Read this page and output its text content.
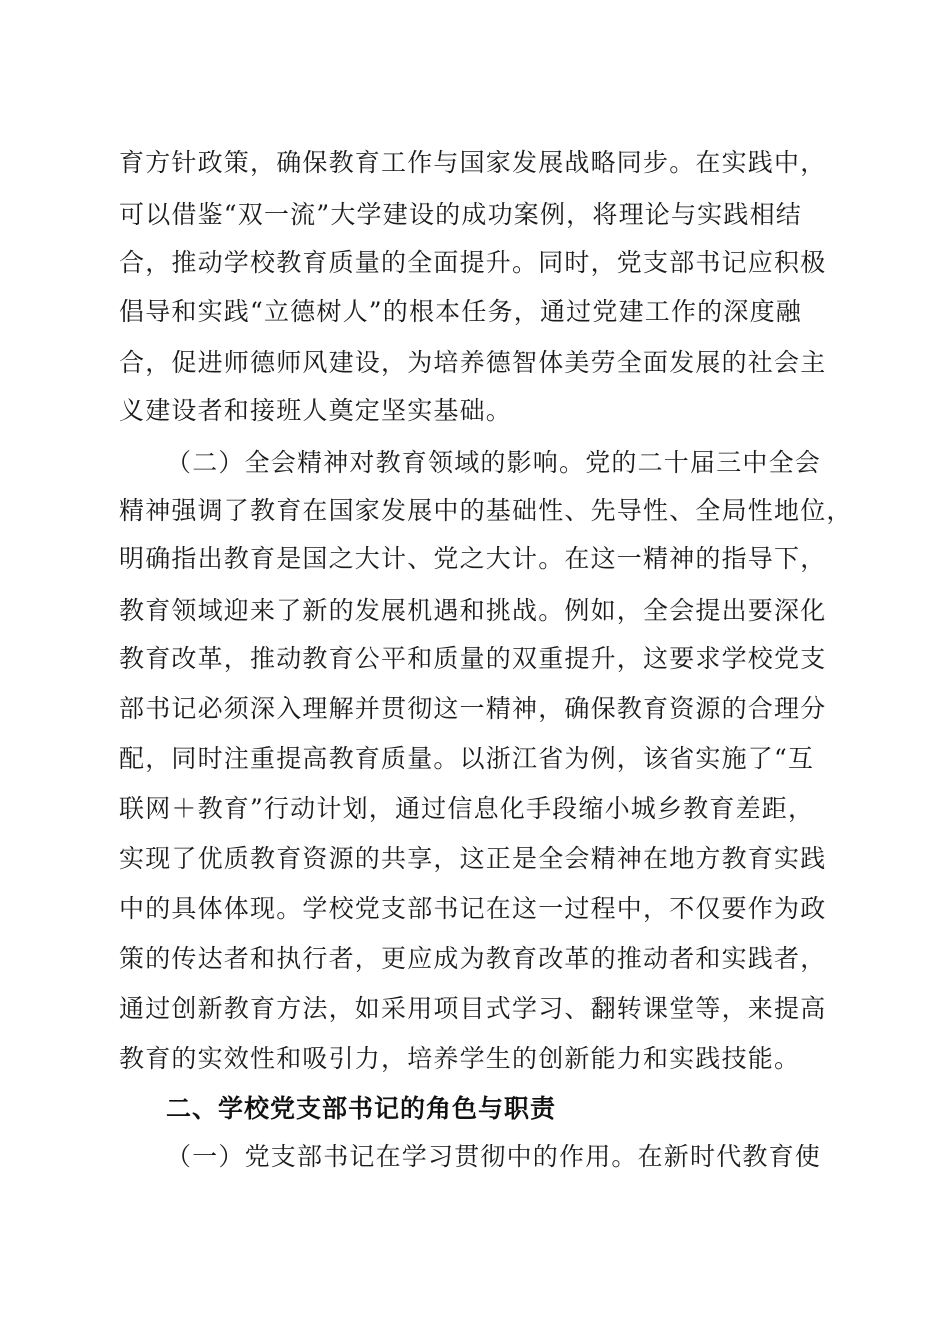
育方针政策，确保教育工作与国家发展战略同步。在实践中，
可以借鉴“双一流”大学建设的成功案例，将理论与实践相结
合，推动学校教育质量的全面提升。同时，党支部书记应积极
倡导和实践“立德树人”的根本任务，通过党建工作的深度融
合，促进师德师风建设，为培养德智体美劳全面发展的社会主
义建设者和接班人奠定坚实基础。
（二）全会精神对教育领域的影响。党的二十届三中全会
精神强调了教育在国家发展中的基础性、先导性、全局性地位，
明确指出教育是国之大计、党之大计。在这一精神的指导下，
教育领域迎来了新的发展机遇和挑战。例如，全会提出要深化
教育改革，推动教育公平和质量的双重提升，这要求学校党支
部书记必须深入理解并贯彻这一精神，确保教育资源的合理分
配，同时注重提高教育质量。以浙江省为例，该省实施了“互
联网＋教育”行动计划，通过信息化手段缩小城乡教育差距，
实现了优质教育资源的共享，这正是全会精神在地方教育实践
中的具体体现。学校党支部书记在这一过程中，不仅要作为政
策的传达者和执行者，更应成为教育改革的推动者和实践者，
通过创新教育方法，如采用项目式学习、翻转课堂等，来提高
教育的实效性和吸引力，培养学生的创新能力和实践技能。
二、学校党支部书记的角色与职责
（一）党支部书记在学习贯彻中的作用。在新时代教育使
